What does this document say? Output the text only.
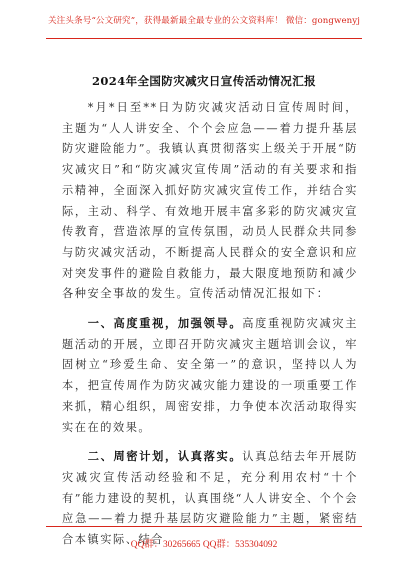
关注头条号“公文研究”，获得最新最全最专业的公文资料库！ 微信：gongwenyj
2024年全国防灾减灾日宣传活动情况汇报

*月*日至**日为防灾减灾活动日宣传周时间，主题为“人人讲安全、个个会应急——着力提升基层防灾避险能力”。我镇认真贯彻落实上级关于开展“防灾减灾日”和“防灾减灾宣传周”活动的有关要求和指示精神，全面深入抓好防灾减灾宣传工作，并结合实际，主动、科学、有效地开展丰富多彩的防灾减灾宣传教育，营造浓厚的宣传氛围，动员人民群众共同参与防灾减灾活动，不断提高人民群众的安全意识和应对突发事件的避险自救能力，最大限度地预防和减少各种安全事故的发生。宣传活动情况汇报如下：

一、高度重视，加强领导。高度重视防灾减灾主题活动的开展，立即召开防灾减灾主题培训会议，牢固树立“珍爱生命、安全第一”的意识，坚持以人为本，把宣传周作为防灾减灾能力建设的一项重要工作来抓，精心组织，周密安排，力争使本次活动取得实实在在的效果。

二、周密计划，认真落实。认真总结去年开展防灾减灾宣传活动经验和不足，充分利用农村“十个有”能力建设的契机，认真围绕“人人讲安全、个个会应急——着力提升基层防灾避险能力”主题，紧密结合本镇实际、结合

QQ群：30265665 QQ群：535304092
